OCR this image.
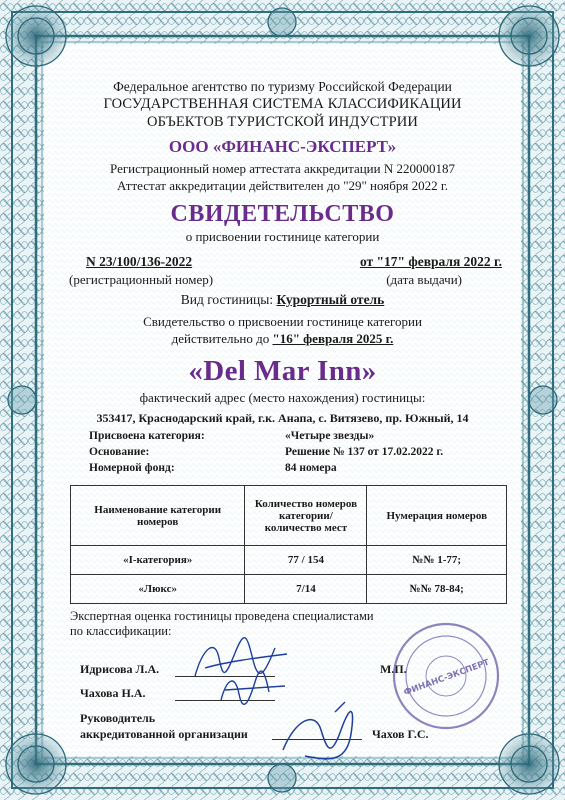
Федеральное агентство по туризму Российской Федерации
ГОСУДАРСТВЕННАЯ СИСТЕМА КЛАССИФИКАЦИИ
ОБЪЕКТОВ ТУРИСТСКОЙ ИНДУСТРИИ
ООО «ФИНАНС-ЭКСПЕРТ»
Регистрационный номер аттестата аккредитации N 220000187
Аттестат аккредитации действителен до "29" ноября 2022 г.
СВИДЕТЕЛЬСТВО
о присвоении гостинице категории
N 23/100/136-2022	от "17" февраля 2022 г.
(регистрационный номер)	(дата выдачи)
Вид гостиницы: Курортный отель
Свидетельство о присвоении гостинице категории
действительно до "16" февраля 2025 г.
«Del Mar Inn»
фактический адрес (место нахождения) гостиницы:
353417, Краснодарский край, г.к. Анапа, с. Витязево, пр. Южный, 14
Присвоена категория:	«Четыре звезды»
Основание:	Решение № 137 от 17.02.2022 г.
Номерной фонд:	84 номера
Наименование категории номеров	Количество номеров категории/ количество мест	Нумерация номеров
«I-категория»	77 / 154	№№ 1-77;
«Люкс»	7/14	№№ 78-84;
Экспертная оценка гостиницы проведена специалистами
по классификации:
Идрисова Л.А.	М.П.
Чахова Н.А.
Руководитель
аккредитованной организации	Чахов Г.С.
ФИНАНС-ЭКСПЕРТ
